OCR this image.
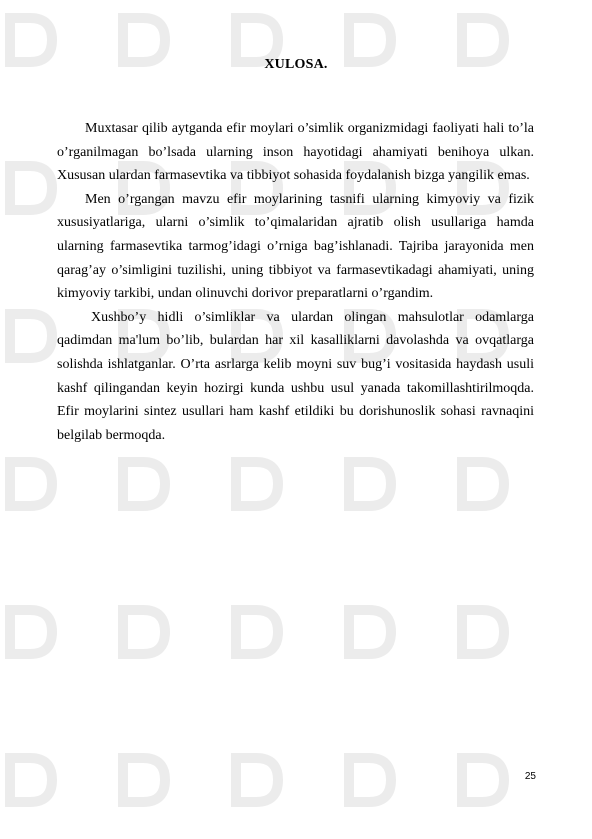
XULOSA.

Muxtasar qilib aytganda efir moylari o’simlik organizmidagi faoliyati hali to’la o’rganilmagan bo’lsada ularning inson hayotidagi ahamiyati benihoya ulkan. Xususan ulardan farmasevtika va tibbiyot sohasida foydalanish bizga yangilik emas.

Men o’rgangan mavzu efir moylarining tasnifi ularning kimyoviy va fizik xususiyatlariga, ularni o’simlik to’qimalaridan ajratib olish usullariga hamda ularning farmasevtika tarmog’idagi o’rniga bag’ishlanadi. Tajriba jarayonida men qarag’ay o’simligini tuzilishi, uning tibbiyot va farmasevtikadagi ahamiyati, uning kimyoviy tarkibi, undan olinuvchi dorivor preparatlarni o’rgandim.

Xushbo’y hidli o’simliklar va ulardan olingan mahsulotlar odamlarga qadimdan ma'lum bo’lib, bulardan har xil kasalliklarni davolashda va ovqatlarga solishda ishlatganlar. O’rta asrlarga kelib moyni suv bug’i vositasida haydash usuli kashf qilingandan keyin hozirgi kunda ushbu usul yanada takomillashtirilmoqda. Efir moylarini sintez usullari ham kashf etildiki bu dorishunoslik sohasi ravnaqini belgilab bermoqda.

25
